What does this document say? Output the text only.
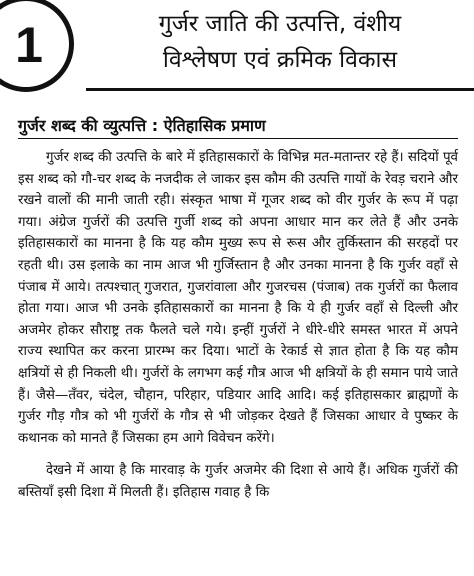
1	गुर्जर जाति की उत्पत्ति, वंशीय
विश्लेषण एवं क्रमिक विकास
गुर्जर शब्द की व्युत्पत्ति : ऐतिहासिक प्रमाण

गुर्जर शब्द की उत्पत्ति के बारे में इतिहासकारों के विभिन्न मत-मतान्तर रहे हैं। सदियों पूर्व इस शब्द को गौ-चर शब्द के नजदीक ले जाकर इस कौम की उत्पत्ति गायों के रेवड़ चराने और रखने वालों की मानी जाती रही। संस्कृत भाषा में गूजर शब्द को वीर गुर्जर के रूप में पढ़ा गया। अंग्रेज गुर्जरों की उत्पत्ति गुर्जी शब्द को अपना आधार मान कर लेते हैं और उनके इतिहासकारों का मानना है कि यह कौम मुख्य रूप से रूस और तुर्किस्तान की सरहदों पर रहती थी। उस इलाके का नाम आज भी गुर्जिस्तान है और उनका मानना है कि गुर्जर वहाँ से पंजाब में आये। तत्पश्चात् गुजरात, गुजरांवाला और गुजरचस (पंजाब) तक गुर्जरों का फैलाव होता गया। आज भी उनके इतिहासकारों का मानना है कि ये ही गुर्जर वहाँ से दिल्ली और अजमेर होकर सौराष्ट्र तक फैलते चले गये। इन्हीं गुर्जरों ने धीरे-धीरे समस्त भारत में अपने राज्य स्थापित कर करना प्रारम्भ कर दिया। भाटों के रेकार्ड से ज्ञात होता है कि यह कौम क्षत्रियों से ही निकली थी। गुर्जरों के लगभग कई गौत्र आज भी क्षत्रियों के ही समान पाये जाते हैं। जैसे—तँवर, चंदेल, चौहान, परिहार, पडियार आदि आदि। कई इतिहासकार ब्राह्मणों के गुर्जर गौड़ गौत्र को भी गुर्जरों के गौत्र से भी जोड़कर देखते हैं जिसका आधार वे पुष्कर के कथानक को मानते हैं जिसका हम आगे विवेचन करेंगे।

देखने में आया है कि मारवाड़ के गुर्जर अजमेर की दिशा से आये हैं। अधिक गुर्जरों की बस्तियाँ इसी दिशा में मिलती हैं। इतिहास गवाह है कि
